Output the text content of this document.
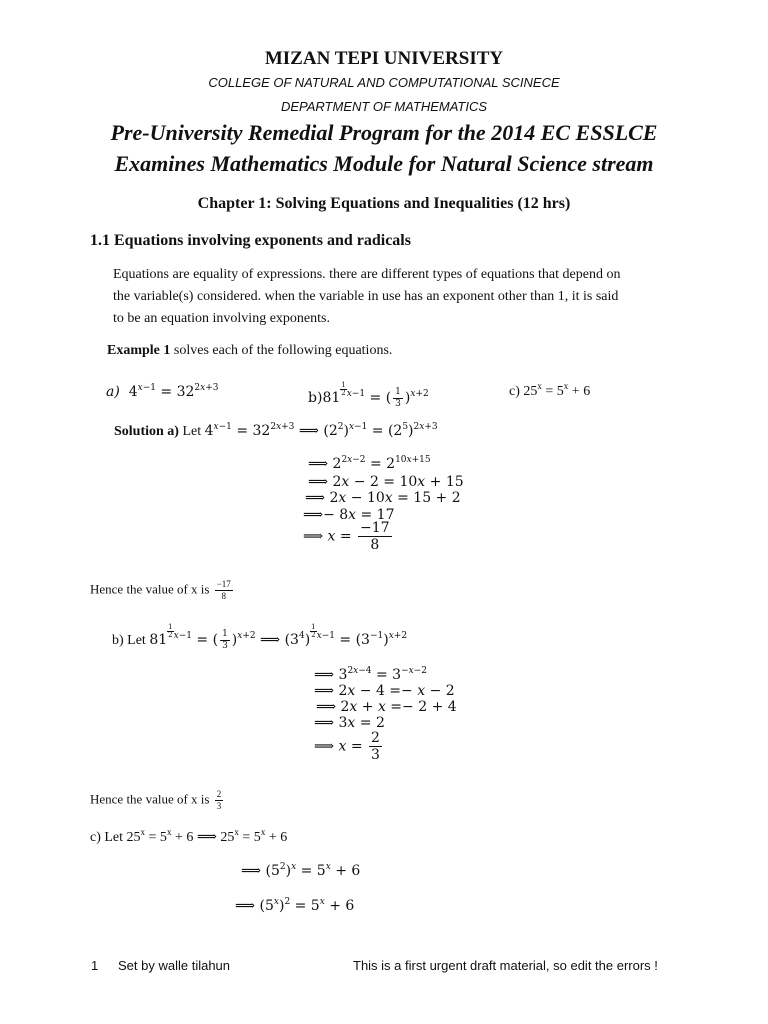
MIZAN TEPI UNIVERSITY
COLLEGE OF NATURAL AND COMPUTATIONAL SCINECE
DEPARTMENT OF MATHEMATICS
Pre-University Remedial Program for the 2014 EC ESSLCE
Examines Mathematics Module for Natural Science stream
Chapter 1: Solving Equations and Inequalities (12 hrs)
1.1 Equations involving exponents and radicals
Equations are equality of expressions. there are different types of equations that depend on
the variable(s) considered. when the variable in use has an exponent other than 1, it is said
to be an equation involving exponents.
Example 1 solves each of the following equations.
a)  $4^{𝑥-1} = 32^{2𝑥+3}$
b)81
$\frac{1}{2} ^{𝑥-1}$ = ( $\frac{1}{3} )^{𝑥+2}$	c) $25^x = 5^x + 6$
Solution a) Let $4^{𝑥-1} = 32^{2𝑥+3}$ ⟹ $(2^2)^{𝑥-1} = (2^5)^{2𝑥+3}$
⟹ $2^{2𝑥-2} = 2^{10𝑥+15}$
⟹ 2𝑥 − 2 = 10𝑥 + 15
⟹ 2𝑥 − 10𝑥 = 15 + 2
⟹− 8𝑥 = 17
⟹ 𝑥 = $\frac{-17}{8}$
Hence the value of x is $\frac{-17}{8}$
b) Let 81
$\frac{1}{2} ^{𝑥-1}$ = ( $\frac{1}{3} )^{𝑥+2}$ ⟹ $(3^4)$
$\frac{1}{2} ^{𝑥-1} = (3^{-1})^{𝑥+2}$
⟹ $3^{2𝑥-4} = 3^{-𝑥-2}$
⟹ 2𝑥 − 4 =− 𝑥 − 2
⟹ 2𝑥 + 𝑥 =− 2 + 4
⟹ 3𝑥 = 2
⟹ 𝑥 = $\frac{2}{3}$
Hence the value of x is $\frac{2}{3}$
c) Let $25^x = 5^x + 6$ ⟹ $25^x = 5^x + 6$
⟹ $(5^2)^𝑥 = 5^𝑥 + 6$
⟹ $(5^𝑥)^2 = 5^𝑥 + 6$
1 Set by walle tilahun	This is a first urgent draft material, so edit the errors !
